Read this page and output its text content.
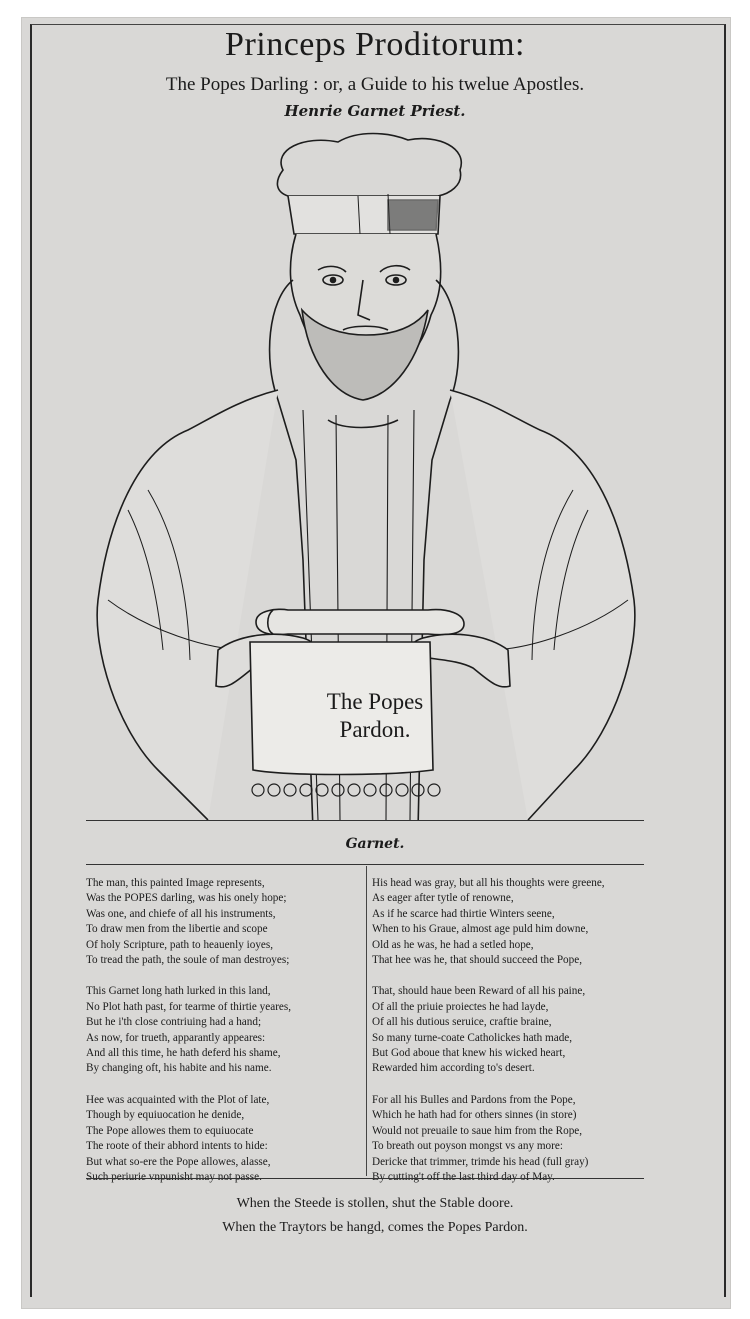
Princeps Proditorum:
The Popes Darling : or, a Guide to his twelue Apostles.
Henrie Garnet Priest.
The Popes
Pardon.
Garnet.
The man, this painted Image represents,
Was the POPES darling, was his onely hope;
Was one, and chiefe of all his instruments,
To draw men from the libertie and scope
Of holy Scripture, path to heauenly ioyes,
To tread the path, the soule of man destroyes;
This Garnet long hath lurked in this land,
No Plot hath past, for tearme of thirtie yeares,
But he i'th close contriuing had a hand;
As now, for trueth, apparantly appeares:
And all this time, he hath deferd his shame,
By changing oft, his habite and his name.
Hee was acquainted with the Plot of late,
Though by equiuocation he denide,
The Pope allowes them to equiuocate
The roote of their abhord intents to hide:
But what so-ere the Pope allowes, alasse,
Such periurie vnpunisht may not passe.
His head was gray, but all his thoughts were greene,
As eager after tytle of renowne,
As if he scarce had thirtie Winters seene,
When to his Graue, almost age puld him downe,
Old as he was, he had a setled hope,
That hee was he, that should succeed the Pope,
That, should haue been Reward of all his paine,
Of all the priuie proiectes he had layde,
Of all his dutious seruice, craftie braine,
So many turne-coate Catholickes hath made,
But God aboue that knew his wicked heart,
Rewarded him according to's desert.
For all his Bulles and Pardons from the Pope,
Which he hath had for others sinnes (in store)
Would not preuaile to saue him from the Rope,
To breath out poyson mongst vs any more:
Dericke that trimmer, trimde his head (full gray)
By cutting't off the last third day of May.
When the Steede is stollen, shut the Stable doore.
When the Traytors be hangd, comes the Popes Pardon.
